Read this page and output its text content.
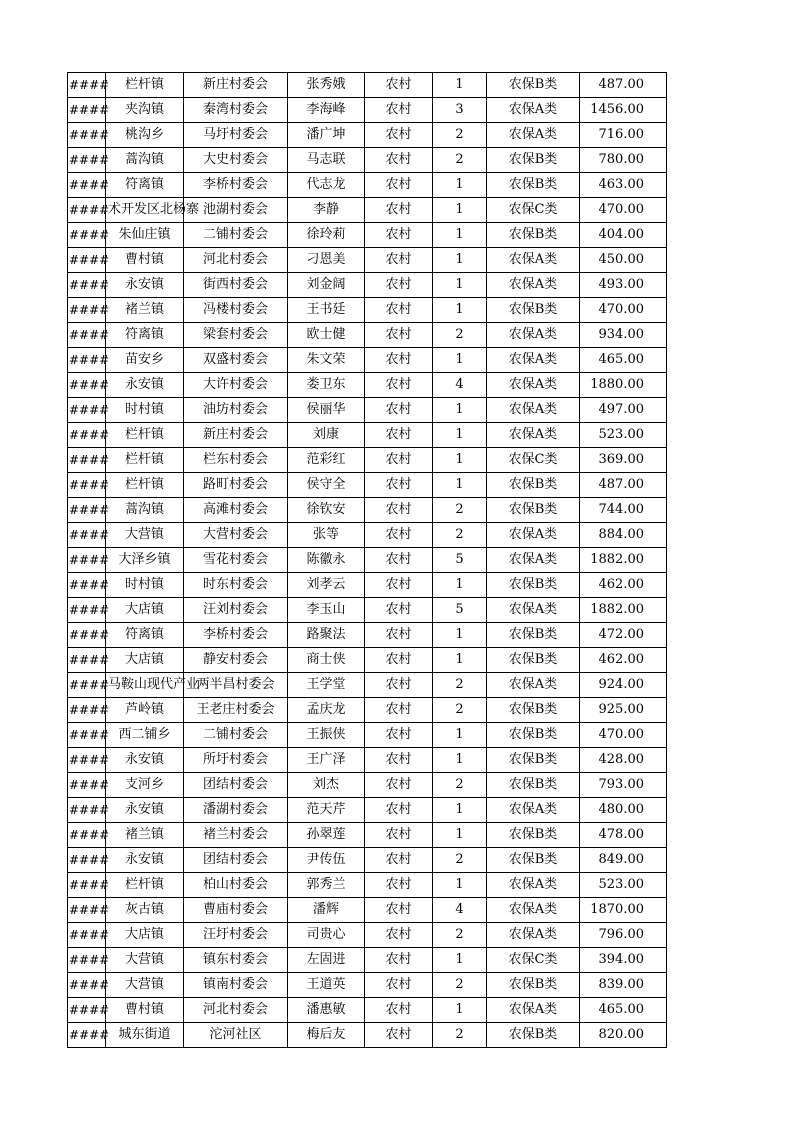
####	栏杆镇	新庄村委会	张秀娥	农村	1	农保B类	487.00
####	夹沟镇	秦湾村委会	李海峰	农村	3	农保A类	1456.00
####	桃沟乡	马圩村委会	潘广坤	农村	2	农保A类	716.00
####	蒿沟镇	大史村委会	马志联	农村	2	农保B类	780.00
####	符离镇	李桥村委会	代志龙	农村	1	农保B类	463.00
####	术开发区北杨寨	池湖村委会	李静	农村	1	农保C类	470.00
####	朱仙庄镇	二铺村委会	徐玲莉	农村	1	农保B类	404.00
####	曹村镇	河北村委会	刁恩美	农村	1	农保A类	450.00
####	永安镇	街西村委会	刘金阔	农村	1	农保A类	493.00
####	褚兰镇	冯楼村委会	王书廷	农村	1	农保B类	470.00
####	符离镇	梁套村委会	欧士健	农村	2	农保A类	934.00
####	苗安乡	双盛村委会	朱文荣	农村	1	农保A类	465.00
####	永安镇	大许村委会	娄卫东	农村	4	农保A类	1880.00
####	时村镇	油坊村委会	侯丽华	农村	1	农保A类	497.00
####	栏杆镇	新庄村委会	刘康	农村	1	农保A类	523.00
####	栏杆镇	栏东村委会	范彩红	农村	1	农保C类	369.00
####	栏杆镇	路町村委会	侯守全	农村	1	农保B类	487.00
####	蒿沟镇	高滩村委会	徐钦安	农村	2	农保B类	744.00
####	大营镇	大营村委会	张等	农村	2	农保A类	884.00
####	大泽乡镇	雪花村委会	陈徽永	农村	5	农保A类	1882.00
####	时村镇	时东村委会	刘孝云	农村	1	农保B类	462.00
####	大店镇	汪刘村委会	李玉山	农村	5	农保A类	1882.00
####	符离镇	李桥村委会	路聚法	农村	1	农保B类	472.00
####	大店镇	静安村委会	商士侠	农村	1	农保B类	462.00
####	马鞍山现代产业	两半昌村委会	王学堂	农村	2	农保A类	924.00
####	芦岭镇	王老庄村委会	孟庆龙	农村	2	农保B类	925.00
####	西二铺乡	二铺村委会	王振侠	农村	1	农保B类	470.00
####	永安镇	所圩村委会	王广泽	农村	1	农保B类	428.00
####	支河乡	团结村委会	刘杰	农村	2	农保B类	793.00
####	永安镇	潘湖村委会	范天芹	农村	1	农保A类	480.00
####	褚兰镇	褚兰村委会	孙翠莲	农村	1	农保B类	478.00
####	永安镇	团结村委会	尹传伍	农村	2	农保B类	849.00
####	栏杆镇	柏山村委会	郭秀兰	农村	1	农保A类	523.00
####	灰古镇	曹庙村委会	潘辉	农村	4	农保A类	1870.00
####	大店镇	汪圩村委会	司贵心	农村	2	农保A类	796.00
####	大营镇	镇东村委会	左固进	农村	1	农保C类	394.00
####	大营镇	镇南村委会	王道英	农村	2	农保B类	839.00
####	曹村镇	河北村委会	潘惠敏	农村	1	农保A类	465.00
####	城东街道	沱河社区	梅后友	农村	2	农保B类	820.00
